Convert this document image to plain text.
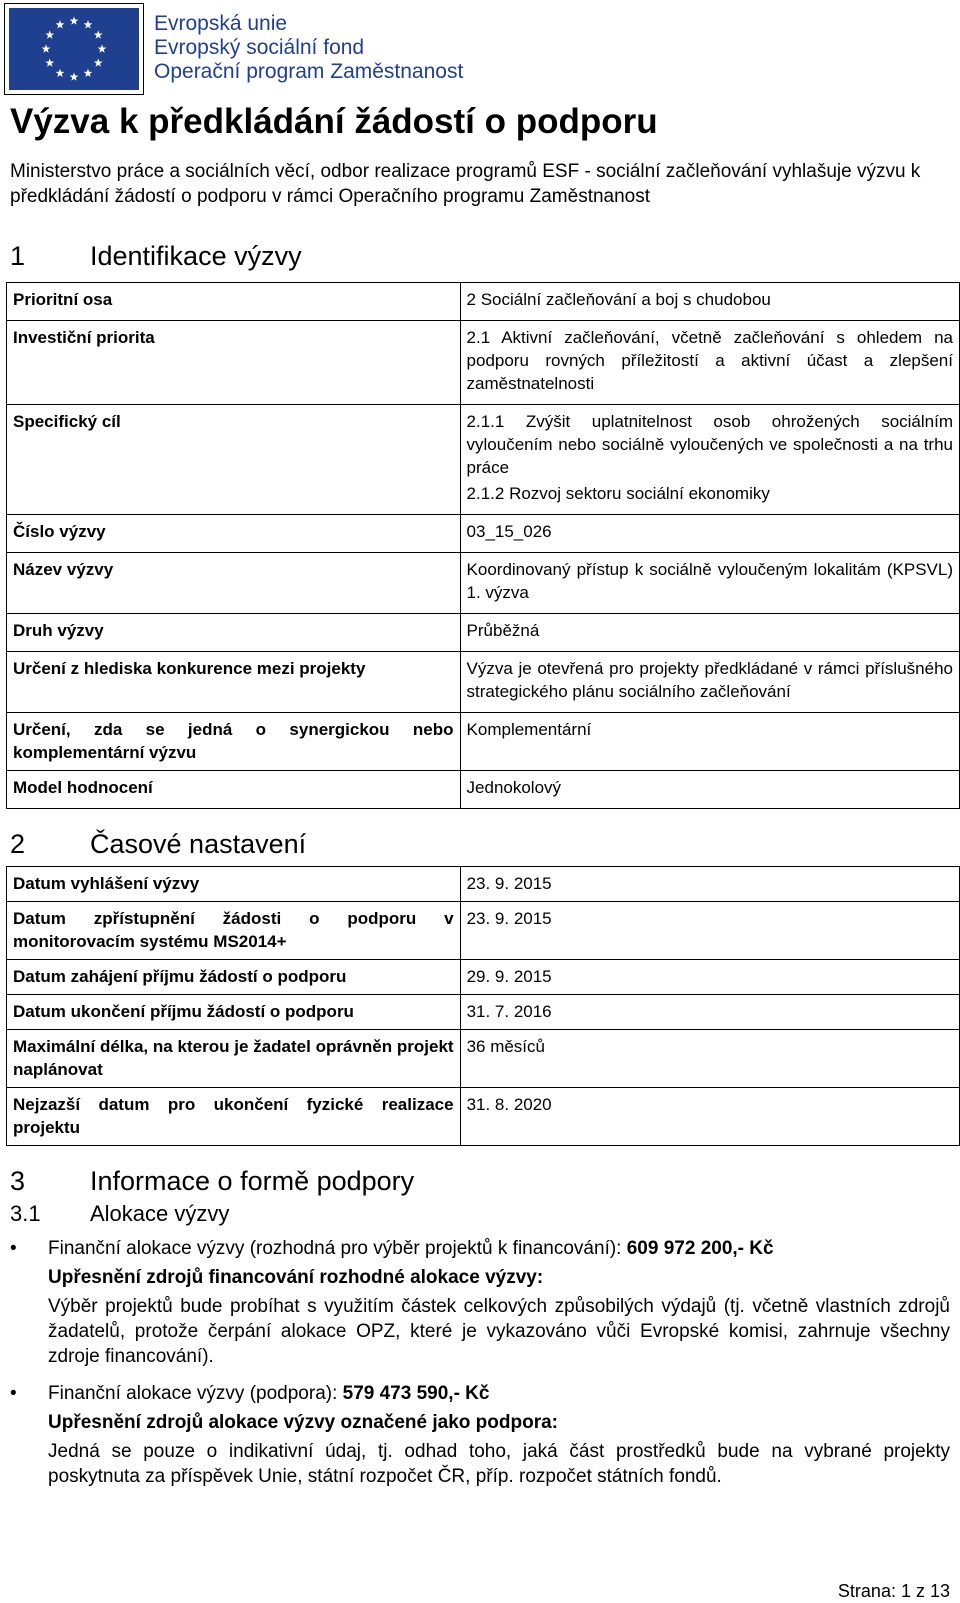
Evropská unie
Evropský sociální fond
Operační program Zaměstnanost
Výzva k předkládání žádostí o podporu

Ministerstvo práce a sociálních věcí, odbor realizace programů ESF - sociální začleňování vyhlašuje výzvu k předkládání žádostí o podporu v rámci Operačního programu Zaměstnanost

1 Identifikace výzvy
Prioritní osa	2 Sociální začleňování a boj s chudobou

Investiční priorita	2.1 Aktivní začleňování, včetně začleňování s ohledem na podporu rovných příležitostí a aktivní účast a zlepšení zaměstnatelnosti

Specifický cíl	2.1.1 Zvýšit uplatnitelnost osob ohrožených sociálním vyloučením nebo sociálně vyloučených ve společnosti a na trhu práce
2.1.2 Rozvoj sektoru sociální ekonomiky

Číslo výzvy	03_15_026

Název výzvy	Koordinovaný přístup k sociálně vyloučeným lokalitám (KPSVL) 1. výzva

Druh výzvy	Průběžná

Určení z hlediska konkurence mezi projekty	Výzva je otevřená pro projekty předkládané v rámci příslušného strategického plánu sociálního začleňování

Určení, zda se jedná o synergickou nebo komplementární výzvu	Komplementární

Model hodnocení	Jednokolový
2 Časové nastavení
Datum vyhlášení výzvy	23. 9. 2015
Datum zpřístupnění žádosti o podporu v monitorovacím systému MS2014+	23. 9. 2015
Datum zahájení příjmu žádostí o podporu	29. 9. 2015
Datum ukončení příjmu žádostí o podporu	31. 7. 2016
Maximální délka, na kterou je žadatel oprávněn projekt naplánovat	36 měsíců
Nejzazší datum pro ukončení fyzické realizace projektu	31. 8. 2020
3 Informace o formě podpory
3.1 Alokace výzvy
• Finanční alokace výzvy (rozhodná pro výběr projektů k financování): 609 972 200,- Kč
Upřesnění zdrojů financování rozhodné alokace výzvy:
Výběr projektů bude probíhat s využitím částek celkových způsobilých výdajů (tj. včetně vlastních zdrojů žadatelů, protože čerpání alokace OPZ, které je vykazováno vůči Evropské komisi, zahrnuje všechny zdroje financování).
• Finanční alokace výzvy (podpora): 579 473 590,- Kč
Upřesnění zdrojů alokace výzvy označené jako podpora:
Jedná se pouze o indikativní údaj, tj. odhad toho, jaká část prostředků bude na vybrané projekty poskytnuta za příspěvek Unie, státní rozpočet ČR, příp. rozpočet státních fondů.
Strana: 1 z 13
